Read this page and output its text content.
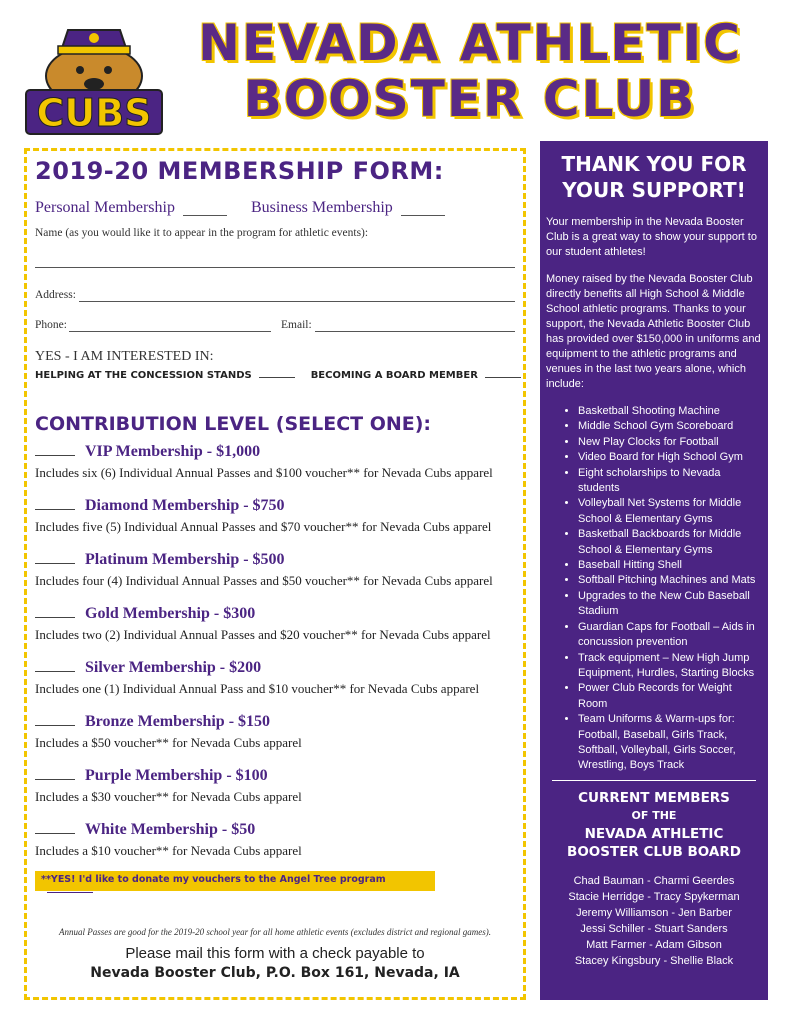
CUBS
NEVADA ATHLETIC
BOOSTER CLUB
2019-20 MEMBERSHIP FORM:
Personal Membership	Business Membership
Name (as you would like it to appear in the program for athletic events):
Address:
Phone:	Email:
YES - I AM INTERESTED IN:
HELPING AT THE CONCESSION STANDS	BECOMING A BOARD MEMBER
CONTRIBUTION LEVEL (SELECT ONE):
VIP Membership - $1,000
Includes six (6) Individual Annual Passes and $100 voucher** for Nevada Cubs apparel
Diamond Membership - $750
Includes five (5) Individual Annual Passes and $70 voucher** for Nevada Cubs apparel
Platinum Membership - $500
Includes four (4) Individual Annual Passes and $50 voucher** for Nevada Cubs apparel
Gold Membership - $300
Includes two (2) Individual Annual Passes and $20 voucher** for Nevada Cubs apparel
Silver Membership - $200
Includes one (1) Individual Annual Pass and $10 voucher** for Nevada Cubs apparel
Bronze Membership - $150
Includes a $50 voucher** for Nevada Cubs apparel
Purple Membership - $100
Includes a $30 voucher** for Nevada Cubs apparel
White Membership - $50
Includes a $10 voucher** for Nevada Cubs apparel
**YES! I'd like to donate my vouchers to the Angel Tree program
Annual Passes are good for the 2019-20 school year for all home athletic events (excludes district and regional games).
Please mail this form with a check payable to
Nevada Booster Club, P.O. Box 161, Nevada, IA
THANK YOU FOR
YOUR SUPPORT!

Your membership in the Nevada Booster Club is a great way to show your support to our student athletes!

Money raised by the Nevada Booster Club directly benefits all High School & Middle School athletic programs. Thanks to your support, the Nevada Athletic Booster Club has provided over $150,000 in uniforms and equipment to the athletic programs and venues in the last two years alone, which include:

• Basketball Shooting Machine
• Middle School Gym Scoreboard
• New Play Clocks for Football
• Video Board for High School Gym
• Eight scholarships to Nevada students
• Volleyball Net Systems for Middle School & Elementary Gyms
• Basketball Backboards for Middle School & Elementary Gyms
• Baseball Hitting Shell
• Softball Pitching Machines and Mats
• Upgrades to the New Cub Baseball Stadium
• Guardian Caps for Football – Aids in concussion prevention
• Track equipment – New High Jump Equipment, Hurdles, Starting Blocks
• Power Club Records for Weight Room
• Team Uniforms & Warm-ups for: Football, Baseball, Girls Track, Softball, Volleyball, Girls Soccer, Wrestling, Boys Track
CURRENT MEMBERS
OF THE
NEVADA ATHLETIC
BOOSTER CLUB BOARD
Chad Bauman - Charmi Geerdes
Stacie Herridge - Tracy Spykerman
Jeremy Williamson - Jen Barber
Jessi Schiller - Stuart Sanders
Matt Farmer - Adam Gibson
Stacey Kingsbury - Shellie Black
